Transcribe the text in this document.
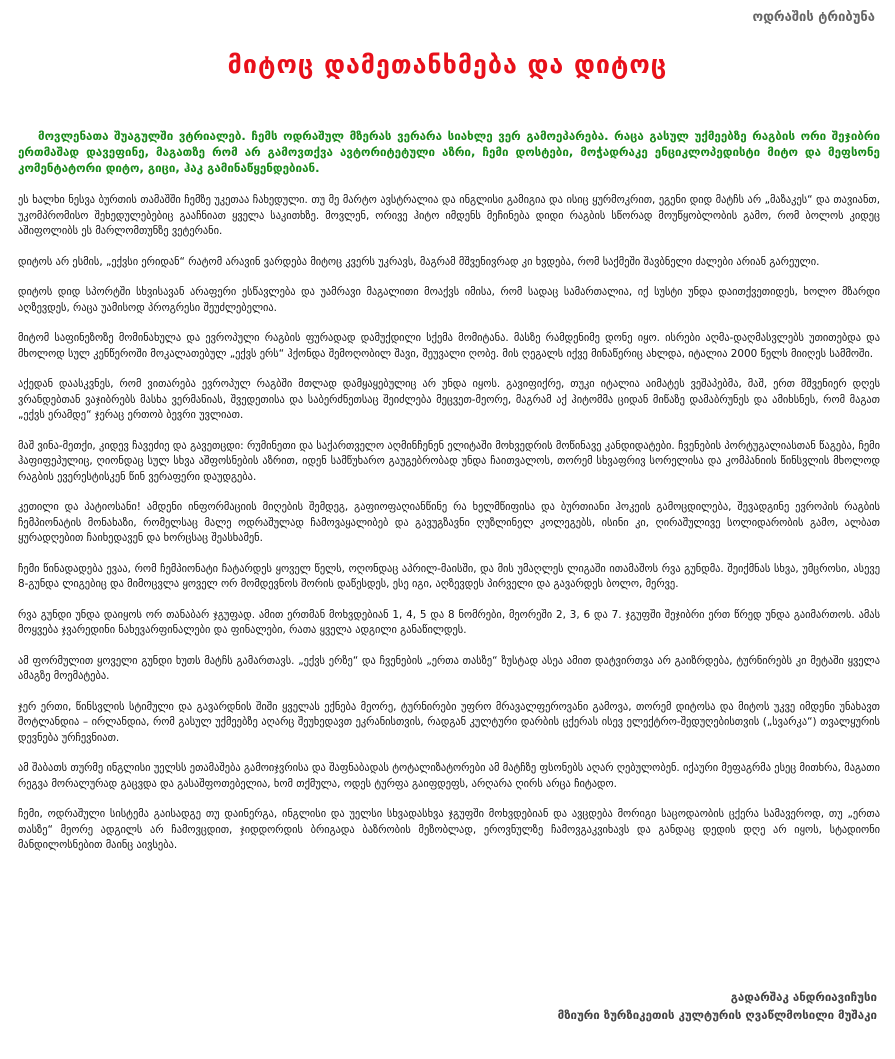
ოდრაშის ტრიბუნა
მიტოც დამეთანხმება და დიტოც

მოვლენათა შუაგულში ვტრიალებ. ჩემს ოდრაშულ მზერას ვერარა სიახლე ვერ გამოეპარება. რაცა გასულ უქმეებზე რაგბის ორი შეჯიბრი ერთმაშად დავეფინე, მაგათზე რომ არ გამოვთქვა ავტორიტეტული აზრი, ჩემი დოსტები, მოჭადრაკე ენციკლოპედისტი მიტო და მეფსონე კომენტატორი დიტო, გიცი, ჰაკ გამინაწყენდებიან.

ეს ხალხი ნესვა ბურთის თამაშში ჩემზე უკეთაა ჩახედული. თუ მე მარტო ავსტრალია და ინგლისი გამიგია და ისიც ყურმოკრით, ეგენი დიდ მატჩს არ „მაზაკეს“ და თავიანთ, უკომპრომისო შეხედულებებიც გააჩნიათ ყველა საკითხზე. მოვლენ, ორივე ჰიტო იმდენს მეჩინება დიდი რაგბის სწორად მოუწყობლობის გამო, რომ ბოლოს კიდეც აშიფოლიბს ეს მარლომთუნზე ვეტერანი.

დიტოს არ ესმის, „ექვსი ერიდან“ რატომ არავინ ვარდება მიტოც კვერს უკრავს, მაგრამ მშვენივრად კი ხვდება, რომ საქმეში შავბნელი ძალები არიან გარეული.

დიტოს დიდ სპორტში სხვისავან არაფერი ესწავლება და უამრავი მაგალითი მოაქვს იმისა, რომ სადაც სამართალია, იქ სუსტი უნდა დაითქვეთიდეს, ხოლო მზარდი აღზევდეს, რაცა უამისოდ პროგრესი შეუძლებელია.

მიტომ საფინეზოზე მომინახულა და ევროპული რაგბის ფურადად დამუქდილი სქემა მომიტანა. მასზე რამდენიმე დონე იყო. ისრები აღმა-დაღმასვლებს უთითებდა და მხოლოდ სულ კენწეროში მოკალათებულ „ექვს ერს“ ჰქონდა შემოღობილ შავი, შეუვალი ღობე. მის ღეგალს იქვე მინაწერიც ახლდა, იტალია 2000 წელს მიიღეს სამმოში.

აქედან დაასკვნეს, რომ ვითარება ევროპულ რაგბში მთლად დამყაყებულიც არ უნდა იყოს. გავიფიქრე, თუკი იტალია აიმატეს ვეშაპებმა, მაშ, ერთ მშვენიერ დღეს ვრანდებთან ვაჯიბრებს მასხა ვერმანიას, შვედეთისა და საბერძნეთსაც შეიძლება მეცვეთ-მეორე, მაგრამ აქ ჰიტომმა ციდან მიწაზე დამაბრუნეს და ამიხსნეს, რომ მაგათ „ექვს ერამდე“ ჯერაც ერთობ ბევრი უვლიათ.

მაშ ვინა-მეთქი, კიდევ ჩავეძიე და გავეთცდი: რუმინეთი და საქართველო აღმინჩენენ ელიტაში მოხვედრის მოწინავე კანდიდატები. ჩვენების პორტუგალიასთან წაგება, ჩემი ჰაფიფეპულიც, ღიონდაც სულ სხვა აშფოსნების აზრით, იდენ სამწუხარო გაუგებრობად უნდა ჩაითვალოს, თორემ სხვაფრივ სორელისა და კომპანიის წინსვლის მხოლოდ რაგბის ევერესტისკენ წინ ვერაფერი დაუდგება.

კეთილი და პატიოსანი! ამდენი ინფორმაციის მიღების შემდეგ, გაფიოფაღიანწინე რა ხელმწიფისა და ბურთიანი ჰოკეის გამოცდილება, შევადგინე ევროპის რაგბის ჩემპიონატის მონახაზი, რომელსაც მალე ოდრაშულად ჩამოვაყალიბებ და გავუგზავნი ღუზლინელ კოლეგებს, ისინი კი, ღირაშულივე სოლიდარობის გამო, ალბათ ყურადღებით ჩაიხედავენ და ხორცსაც შეასხამენ.

ჩემი წინადადება ევაა, რომ ჩემპიონატი ჩატარდეს ყოველ წელს, ოღონდაც აპრილ-მაისში, და მის უმაღლეს ლიგაში ითამაშოს რვა გუნდმა. შეიქმნას სხვა, უმცროსი, ასევე 8-გუნდა ლიგებიც და მიმოცვლა ყოველ ორ მომდევნოს შორის დაწესდეს, ესე იგი, აღზევდეს პირველი და გავარდეს ბოლო, მერვე.

რვა გუნდი უნდა დაიყოს ორ თანაბარ ჯგუფად. ამით ერთმან მოხვდებიან 1, 4, 5 და 8 ნომრები, მეორეში 2, 3, 6 და 7. ჯგუფში შეჯიბრი ერთ წრედ უნდა გაიმართოს. ამას მოყვება ჯვარედინი ნახევარფინალები და ფინალები, რათა ყველა ადგილი განაწილდეს.

ამ ფორმულით ყოველი გუნდი ხუთს მატჩს გამართავს. „ექვს ერზე“ და ჩვენების „ერთა თასზე“ ზუსტად ასეა ამით დატვირთვა არ გაიზრდება, ტურნირებს კი მეტაში ყველა ამაგზე მოემატება.

ჯერ ერთი, წინსვლის სტიმული და გავარდნის შიში ყველას ექნება მეორე, ტურნირები უფრო მრავალფეროვანი გამოვა, თორემ დიტოსა და მიტოს უკვე იმდენი უნახავთ შოტლანდია – ირლანდია, რომ გასულ უქმეებზე აღარც შეუხედავთ ეკრანისთვის, რადგან კულტური დარბის ცქერას ისევ ელექტრო-შედუღებისთვის („სვარკა“) თვალყურის დევნება ურჩევნიათ.

ამ შაბათს თურმე ინგლისი უელსს ეთამაშება გამოიჯვრისა და შაფნაბადას ტოტალიზატორები ამ მატჩზე ფსონებს აღარ ღებულობენ. იქაური მეფაგრმა ესეც მითხრა, მაგათი რეგვა მორალურად გაცვდა და გასაშფოთებელია, ხომ თქმულა, ოდეს ტურფა გაიფდეფს, არღარა ღირს არცა ჩიტადო.

ჩემი, ოდრაშული სისტემა გაისადგე თუ დაინერგა, ინგლისი და უელსი სხვადასხვა ჯგუფში მოხვდებიან და ავცდება მორიგი საცოდაობის ცქერა სამავეროდ, თუ „ერთა თასზე“ მეორე ადგილს არ ჩამოვცდით, ჯიდდორდის ბრიგადა ბაზრობის მეზობლად, ეროვნულზე ჩამოვგაკვიხავს და განდაც დედის დღე არ იყოს, სტადიონი მანდილოსნებით მაინც აივსება.

გადარშაკ ანდრიავიჩუსი
მზიური ზურზიკეთის კულტურის ღვაწლმოსილი მუშაკი
